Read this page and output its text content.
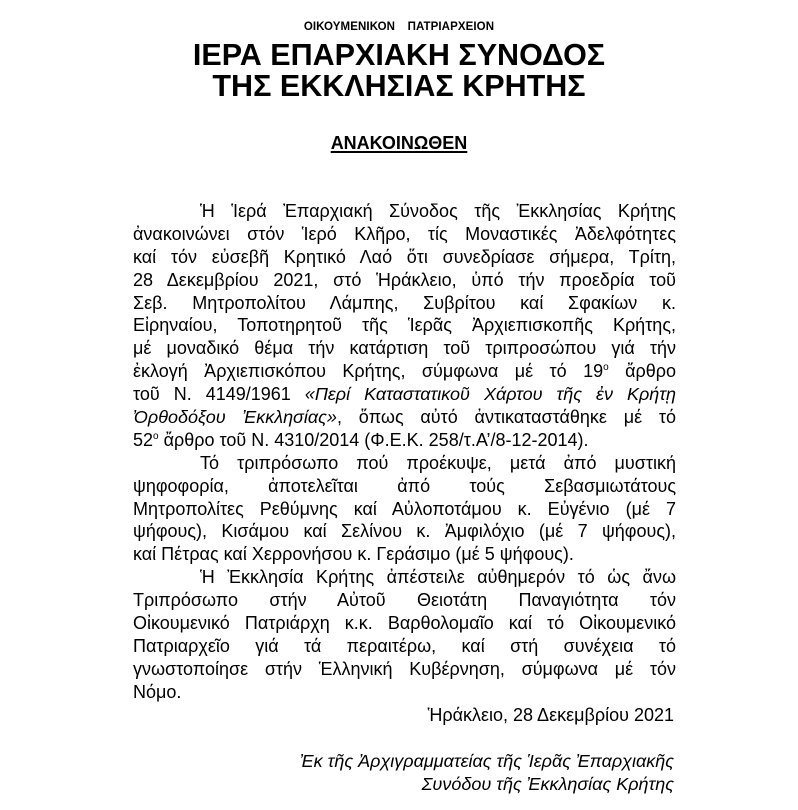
ΟΙΚΟΥΜΕΝΙΚΟΝ  ΠΑΤΡΙΑΡΧΕΙΟΝ
ΙΕΡΑ ΕΠΑΡΧΙΑΚΗ ΣΥΝΟΔΟΣ
ΤΗΣ ΕΚΚΛΗΣΙΑΣ ΚΡΗΤΗΣ
ΑΝΑΚΟΙΝΩΘΕΝ
Ἡ Ἱερά Ἐπαρχιακή Σύνοδος τῆς Ἐκκλησίας Κρήτης
ἀνακοινώνει στόν Ἱερό Κλῆρο, τίς Μοναστικές Ἀδελφότητες
καί τόν εὐσεβῆ Κρητικό Λαό ὅτι συνεδρίασε σήμερα, Τρίτη,
28 Δεκεμβρίου 2021, στό Ἡράκλειο, ὑπό τήν προεδρία τοῦ
Σεβ. Μητροπολίτου Λάμπης, Συβρίτου καί Σφακίων κ.
Εἰρηναίου, Τοποτηρητοῦ τῆς Ἱερᾶς Ἀρχιεπισκοπῆς Κρήτης,
μέ μοναδικό θέμα τήν κατάρτιση τοῦ τριπροσώπου γιά τήν
ἐκλογή Ἀρχιεπισκόπου Κρήτης, σύμφωνα μέ τό $19^o$ ἄρθρο
τοῦ Ν. 4149/1961 «Περί Καταστατικοῦ Χάρτου τῆς ἐν Κρήτῃ
Ὀρθοδόξου Ἐκκλησίας», ὅπως αὐτό ἀντικαταστάθηκε μέ τό
$52^o$ ἄρθρο τοῦ Ν. 4310/2014 (Φ.Ε.Κ. 258/τ.Α’/8-12-2014).
Τό τριπρόσωπο πού προέκυψε, μετά ἀπό μυστική
ψηφοφορία, ἀποτελεῖται ἀπό τούς Σεβασμιωτάτους
Μητροπολίτες Ρεθύμνης καί Αὐλοποτάμου κ. Εὐγένιο (μέ 7
ψήφους), Κισάμου καί Σελίνου κ. Ἀμφιλόχιο (μέ 7 ψήφους),
καί Πέτρας καί Χερρονήσου κ. Γεράσιμο (μέ 5 ψήφους).
Ἡ Ἐκκλησία Κρήτης ἀπέστειλε αὐθημερόν τό ὡς ἄνω
Τριπρόσωπο στήν Αὐτοῦ Θειοτάτη Παναγιότητα τόν
Οἰκουμενικό Πατριάρχη κ.κ. Βαρθολομαῖο καί τό Οἰκουμενικό
Πατριαρχεῖο γιά τά περαιτέρω, καί στή συνέχεια τό
γνωστοποίησε στήν Ἑλληνική Κυβέρνηση, σύμφωνα μέ τόν
Νόμο.
Ἡράκλειο, 28 Δεκεμβρίου 2021
Ἐκ τῆς Ἀρχιγραμματείας τῆς Ἱερᾶς Ἐπαρχιακῆς
Συνόδου τῆς Ἐκκλησίας Κρήτης
